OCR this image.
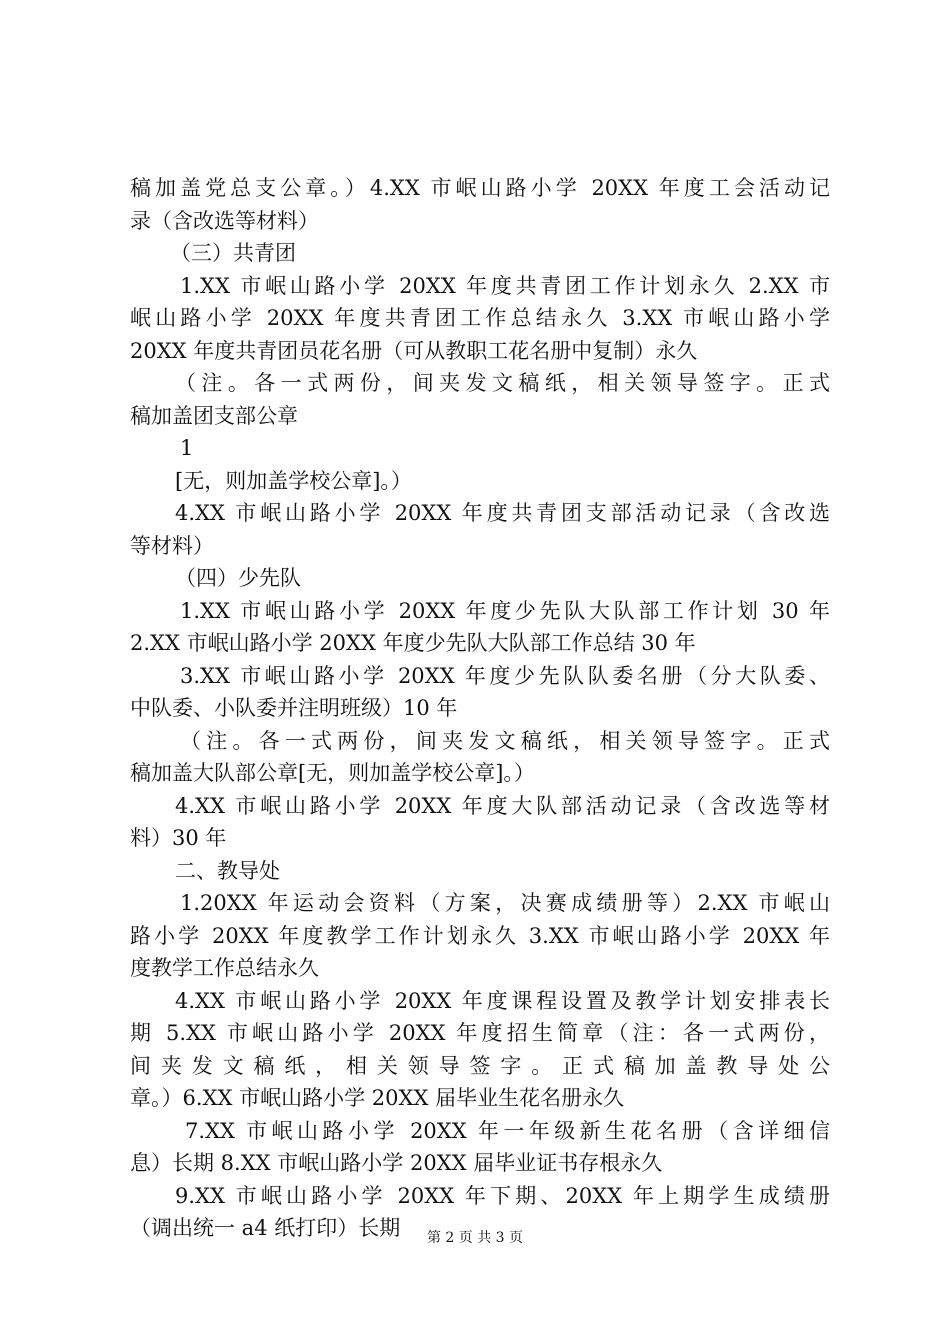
稿加盖党总支公章。）4.XX 市岷山路小学 20XX 年度工会活动记
录（含改选等材料）
（三）共青团
1.XX 市岷山路小学 20XX 年度共青团工作计划永久 2.XX 市
岷山路小学 20XX 年度共青团工作总结永久 3.XX 市岷山路小学
20XX 年度共青团员花名册（可从教职工花名册中复制）永久
（注。各一式两份，间夹发文稿纸，相关领导签字。正式
稿加盖团支部公章
1
[无，则加盖学校公章]。）
4.XX 市岷山路小学 20XX 年度共青团支部活动记录（含改选
等材料）
（四）少先队
1.XX 市岷山路小学 20XX 年度少先队大队部工作计划 30 年
2.XX 市岷山路小学 20XX 年度少先队大队部工作总结 30 年
3.XX 市岷山路小学 20XX 年度少先队队委名册（分大队委、
中队委、小队委并注明班级）10 年
（注。各一式两份，间夹发文稿纸，相关领导签字。正式
稿加盖大队部公章[无，则加盖学校公章]。）
4.XX 市岷山路小学 20XX 年度大队部活动记录（含改选等材
料）30 年
二、教导处
1.20XX 年运动会资料（方案，决赛成绩册等）2.XX 市岷山
路小学 20XX 年度教学工作计划永久 3.XX 市岷山路小学 20XX 年
度教学工作总结永久
4.XX 市岷山路小学 20XX 年度课程设置及教学计划安排表长
期 5.XX 市岷山路小学 20XX 年度招生简章（注：各一式两份，
间夹发文稿纸，相关领导签字。正式稿加盖教导处公
章。）6.XX 市岷山路小学 20XX 届毕业生花名册永久
7.XX 市岷山路小学 20XX 年一年级新生花名册（含详细信
息）长期 8.XX 市岷山路小学 20XX 届毕业证书存根永久
9.XX 市岷山路小学 20XX 年下期、20XX 年上期学生成绩册
（调出统一 a4 纸打印）长期	第 2 页 共 3 页
